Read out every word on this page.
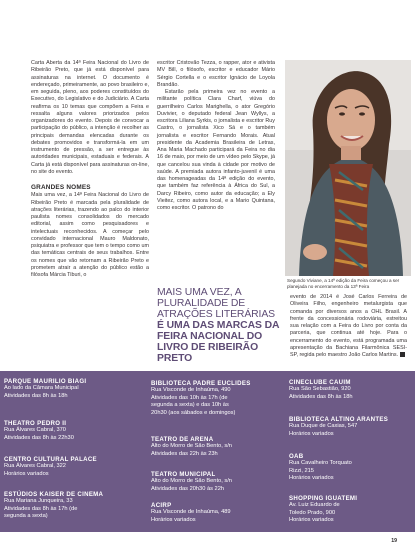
Carta Aberta da 14ª Feira Nacional do Livro de Ribeirão Preto, que já está disponível para assinaturas na internet. O documento é endereçado, primeiramente, ao povo brasileiro e, em seguida, pleno, aos poderes constituídos do Executivo, do Legislativo e do Judiciário. A Carta reafirma os 10 temas que compõem a Feira e ressalta alguns valores priorizados pelos organizadores do evento. Depois de convocar a participação do público, a intenção é recolher as principais demandas elencadas durante os debates promovidos e transformá-la em um instrumento de pressão, a ser entregue às autoridades municipais, estaduais e federais. A Carta já está disponível para assinaturas on-line, no site do evento.

GRANDES NOMES

Mais uma vez, a 14ª Feira Nacional do Livro de Ribeirão Preto é marcada pela pluralidade de atrações literárias, trazendo ao palco do interior paulista nomes consolidados do mercado editorial, assim como pesquisadores e intelectuais reconhecidos. A começar pelo convidado internacional Mauro Maldonato, psiquiatra e professor que tem o tempo como um das temáticas centrais de seus trabalhos. Entre os nomes que vão retornam a Ribeirão Preto e prometem atrair a atenção do público estão a filósofa Márcia Tiburi, o

escritor Cristovão Tezza, o rapper, ator e ativista MV Bill, o filósofo, escritor e educador Mário Sérgio Cortella e o escritor Ignácio de Loyola Brandão.

Estarão pela primeira vez no evento a militante política Clara Charf, viúva do guerrilheiro Carlos Marighella, o ator Gregório Duvivier, o deputado federal Jean Wyllys, a escritora Liliana Syrkis, o jornalista e escritor Ruy Castro, o jornalista Xico Sá e o também jornalista e escritor Fernando Morais. Atual presidente da Academia Brasileira de Letras, Ana Maria Machado participará da Feira no dia 16 de maio, por meio de um vídeo pelo Skype, já que cancelou sua vinda à cidade por motivo de saúde. A premiada autora infanto-juvenil é uma das homenageadas da 14ª edição do evento, que também faz referência à África do Sul, a Darcy Ribeiro, como autor da educação; a Ely Vieitez, como autora local, e a Mario Quintana, como escritor. O patrono do

MAIS UMA VEZ, A PLURALIDADE DE ATRAÇÕES LITERÁRIAS
É UMA DAS MARCAS DA FEIRA NACIONAL DO LIVRO DE RIBEIRÃO PRETO
Segundo Viviane, a 14ª edição da Feira começou a ser planejada no encerramento da 13ª Feira

evento de 2014 é José Carlos Ferreira de Oliveira Filho, engenheiro metalurgista que comanda por diversos anos a OHL Brasil. A frente da concessionária rodoviária, estreitou sua relação com a Feira do Livro por conta da parceria, que continua até hoje. Para o encerramento do evento, está programada uma apresentação da Bachiana Filarmônica SESI-SP, regida pelo maestro João Carlos Martins.

PARQUE MAURILIO BIAGI
Ao lado da Câmara Municipal
Atividades das 8h às 18h
THEATRO PEDRO II
Rua Álvares Cabral, 370
Atividades das 8h às 22h30
CENTRO CULTURAL PALACE
Rua Álvares Cabral, 322
Horários variados
ESTÚDIOS KAISER DE CINEMA
Rua Mariana Junqueira, 33
Atividades das 8h às 17h (de
segunda a sexta)
BIBLIOTECA PADRE EUCLIDES
Rua Visconde de Inhaúma, 490
Atividades das 10h às 17h (de
segunda a sexta) e das 10h às
20h30 (aos sábados e domingos)
TEATRO DE ARENA
Alto do Morro de São Bento, s/n
Atividades das 22h às 23h
TEATRO MUNICIPAL
Alto do Morro de São Bento, s/n
Atividades das 20h30 às 22h
ACIRP
Rua Visconde de Inhaúma, 489
Horários variados
CINECLUBE CAUIM
Rua São Sebastião, 920
Atividades das 8h às 18h
BIBLIOTECA ALTINO ARANTES
Rua Duque de Caxias, 547
Horários variados
OAB
Rua Cavalheiro Torquato
Rizzi, 215
Horários variados
SHOPPING IGUATEMI
Av. Luiz Eduardo de
Toledo Prado, 900
Horários variados
19
